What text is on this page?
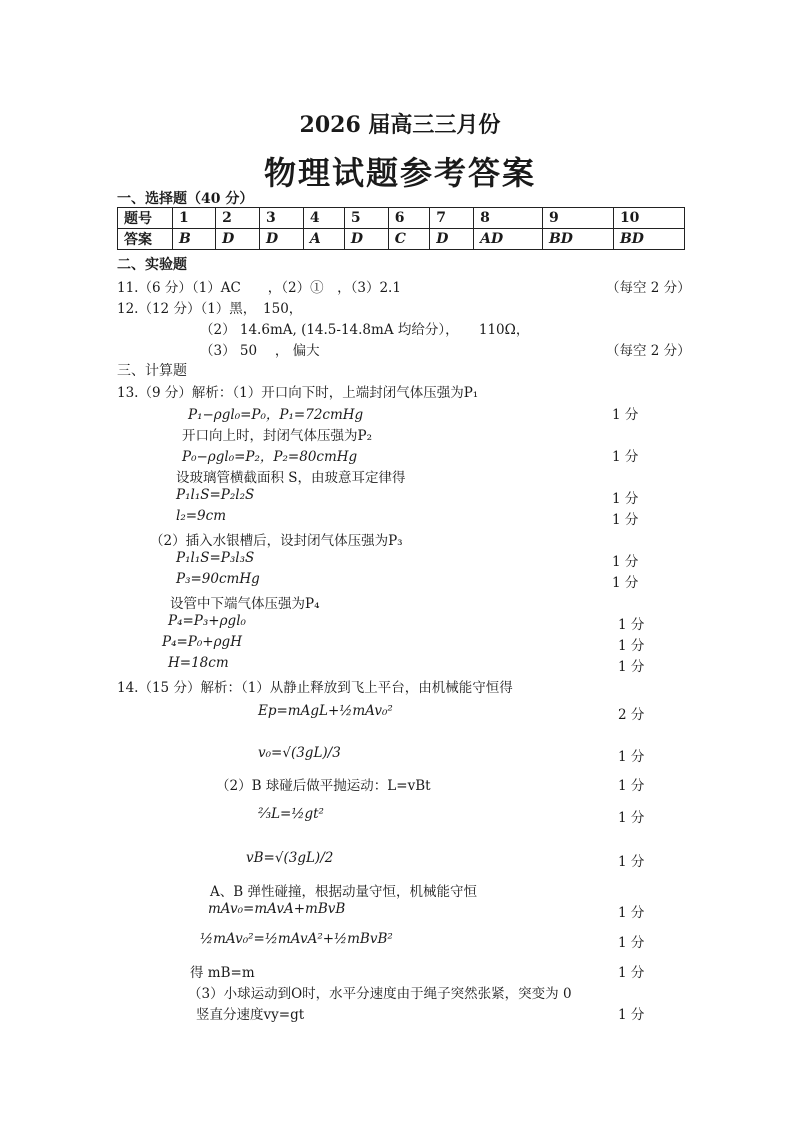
2026 届高三三月份
物理试题参考答案
一、选择题（40 分）
题号	1	2	3	4	5	6	7	8	9	10
答案	B	D	D	A	D	C	D	AD	BD	BD
二、实验题
11.（6 分）（1）AC　　，（2）①　，（3）2.1	（每空 2 分）
12.（12 分）（1）黑，　150，
（2） 14.6mA, (14.5-14.8mA 均给分），　　110Ω，
（3） 50　 ， 偏大	（每空 2 分）
三、计算题
13.（9 分）解析：（1）开口向下时，上端封闭气体压强为P₁
P₁−ρgl₀=P₀，P₁=72cmHg	1 分
开口向上时，封闭气体压强为P₂
P₀−ρgl₀=P₂，P₂=80cmHg	1 分
设玻璃管横截面积 S，由玻意耳定律得
P₁l₁S=P₂l₂S	1 分
l₂=9cm	1 分
（2）插入水银槽后，设封闭气体压强为P₃
P₁l₁S=P₃l₃S	1 分
P₃=90cmHg	1 分
设管中下端气体压强为P₄
P₄=P₃+ρgl₀	1 分
P₄=P₀+ρgH	1 分
H=18cm	1 分
14.（15 分）解析：（1）从静止释放到飞上平台，由机械能守恒得
Ep=mAgL+½mAv₀²	2 分
v₀=√(3gL)/3	1 分
（2）B 球碰后做平抛运动：L=vBt	1 分
⅔L=½gt²	1 分
vB=√(3gL)/2	1 分
A、B 弹性碰撞，根据动量守恒，机械能守恒
mAv₀=mAvA+mBvB	1 分
½mAv₀²=½mAvA²+½mBvB²	1 分
得 mB=m	1 分
（3）小球运动到O时，水平分速度由于绳子突然张紧，突变为 0
竖直分速度vy=gt	1 分
